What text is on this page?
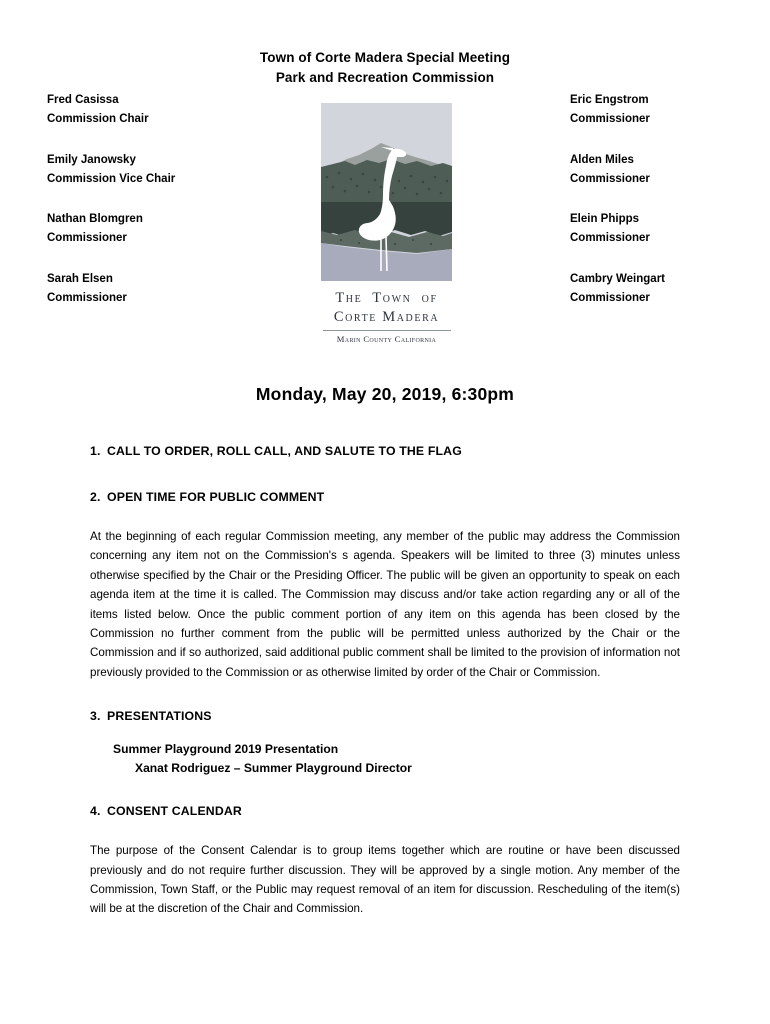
Town of Corte Madera Special Meeting
Park and Recreation Commission
Fred Casissa
Commission Chair
Emily Janowsky
Commission Vice Chair
Nathan Blomgren
Commissioner
Sarah Elsen
Commissioner
Eric Engstrom
Commissioner
Alden Miles
Commissioner
Elein Phipps
Commissioner
Cambry Weingart
Commissioner
The Town of
Corte Madera
Marin County California
Monday, May 20, 2019, 6:30pm
1. CALL TO ORDER, ROLL CALL, AND SALUTE TO THE FLAG
2. OPEN TIME FOR PUBLIC COMMENT
At the beginning of each regular Commission meeting, any member of the public may address the Commission concerning any item not on the Commission's s agenda. Speakers will be limited to three (3) minutes unless otherwise specified by the Chair or the Presiding Officer. The public will be given an opportunity to speak on each agenda item at the time it is called. The Commission may discuss and/or take action regarding any or all of the items listed below. Once the public comment portion of any item on this agenda has been closed by the Commission no further comment from the public will be permitted unless authorized by the Chair or the Commission and if so authorized, said additional public comment shall be limited to the provision of information not previously provided to the Commission or as otherwise limited by order of the Chair or Commission.
3. PRESENTATIONS
Summer Playground 2019 Presentation
Xanat Rodriguez – Summer Playground Director
4. CONSENT CALENDAR
The purpose of the Consent Calendar is to group items together which are routine or have been discussed previously and do not require further discussion. They will be approved by a single motion. Any member of the Commission, Town Staff, or the Public may request removal of an item for discussion. Rescheduling of the item(s) will be at the discretion of the Chair and Commission.
